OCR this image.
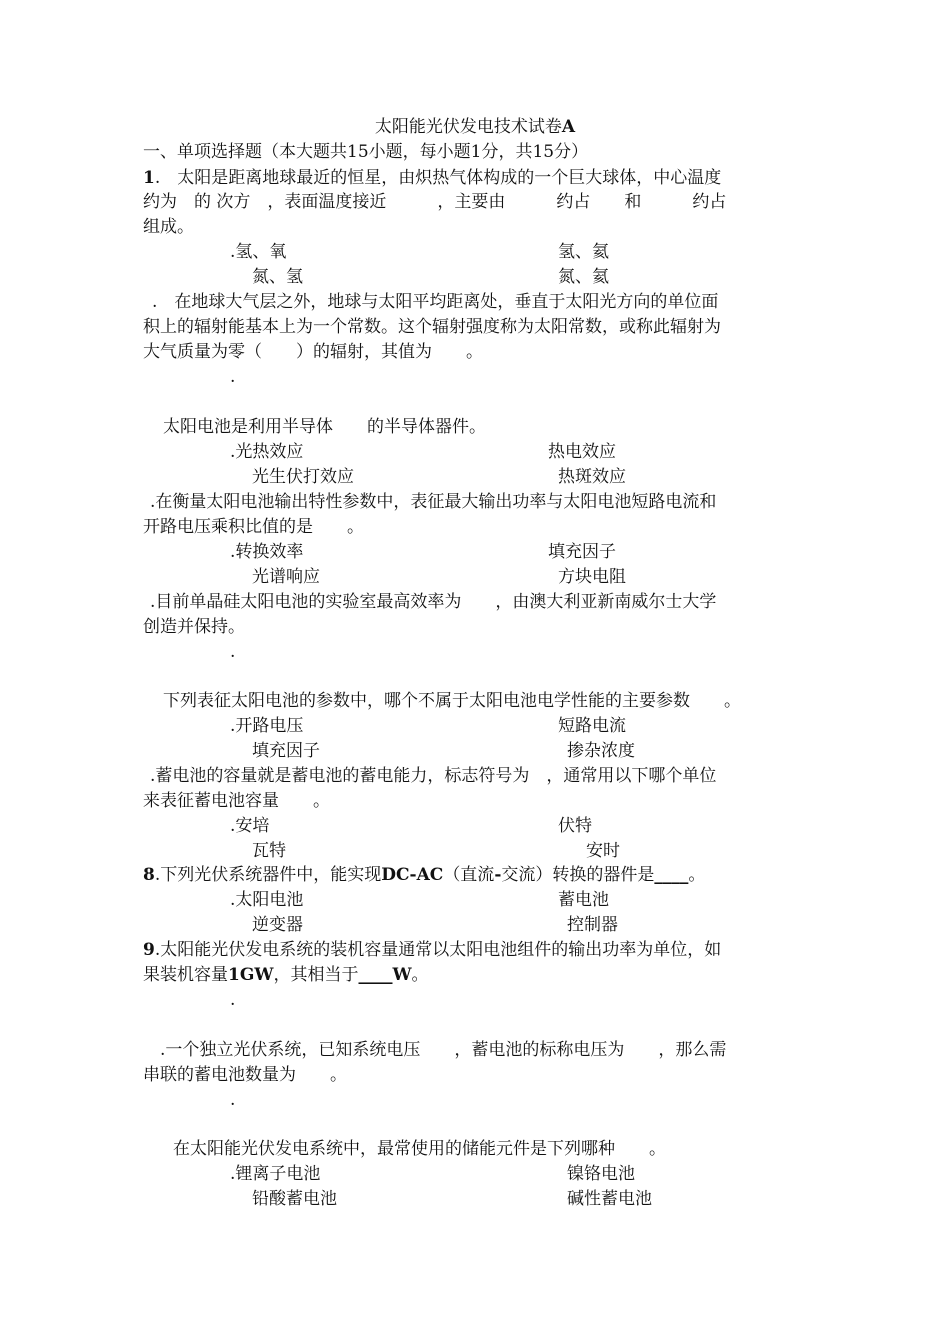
太阳能光伏发电技术试卷A
一、单项选择题（本大题共15小题，每小题1分，共15分）
1.　太阳是距离地球最近的恒星，由炽热气体构成的一个巨大球体，中心温度
约为　的 次方　，表面温度接近　　　，主要由　　　约占　　和　　　约占
组成。
.氢、氧	氢、氦
氮、氢	氮、氦
.　在地球大气层之外，地球与太阳平均距离处，垂直于太阳光方向的单位面
积上的辐射能基本上为一个常数。这个辐射强度称为太阳常数，或称此辐射为
大气质量为零（　　）的辐射，其值为　　。
.
太阳电池是利用半导体　　的半导体器件。
.光热效应	热电效应
光生伏打效应	热斑效应
.在衡量太阳电池输出特性参数中，表征最大输出功率与太阳电池短路电流和
开路电压乘积比值的是　　。
.转换效率	填充因子
光谱响应	方块电阻
.目前单晶硅太阳电池的实验室最高效率为　　，由澳大利亚新南威尔士大学
创造并保持。
.
下列表征太阳电池的参数中，哪个不属于太阳电池电学性能的主要参数　　。
.开路电压	短路电流
填充因子	掺杂浓度
.蓄电池的容量就是蓄电池的蓄电能力，标志符号为　，通常用以下哪个单位
来表征蓄电池容量　　。
.安培	伏特
瓦特	安时
8.下列光伏系统器件中，能实现DC-AC（直流-交流）转换的器件是____。
.太阳电池	蓄电池
逆变器	控制器
9.太阳能光伏发电系统的装机容量通常以太阳电池组件的输出功率为单位，如
果装机容量1GW，其相当于____W。
.
.一个独立光伏系统，已知系统电压　　，蓄电池的标称电压为　　，那么需
串联的蓄电池数量为　　。
.
在太阳能光伏发电系统中，最常使用的储能元件是下列哪种　　。
.锂离子电池	镍铬电池
铅酸蓄电池	碱性蓄电池
